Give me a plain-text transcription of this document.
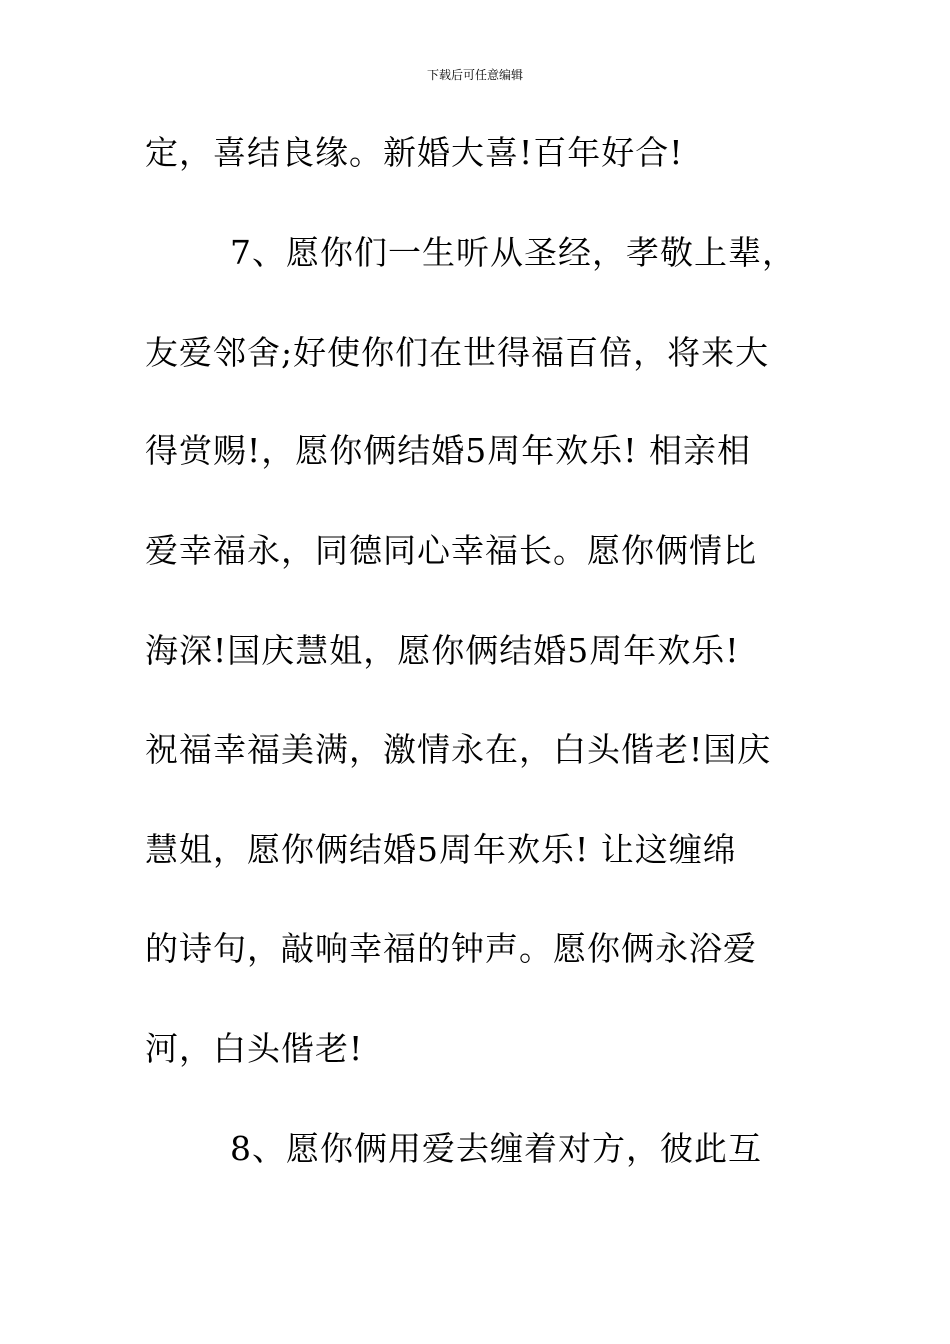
下载后可任意编辑
定，喜结良缘。新婚大喜!百年好合!
7、愿你们一生听从圣经，孝敬上辈，
友爱邻舍;好使你们在世得福百倍，将来大
得赏赐!，愿你俩结婚5周年欢乐! 相亲相
爱幸福永，同德同心幸福长。愿你俩情比
海深!国庆慧姐，愿你俩结婚5周年欢乐!
祝福幸福美满，激情永在，白头偕老!国庆
慧姐，愿你俩结婚5周年欢乐! 让这缠绵
的诗句，敲响幸福的钟声。愿你俩永浴爱
河，白头偕老!
8、愿你俩用爱去缠着对方，彼此互
